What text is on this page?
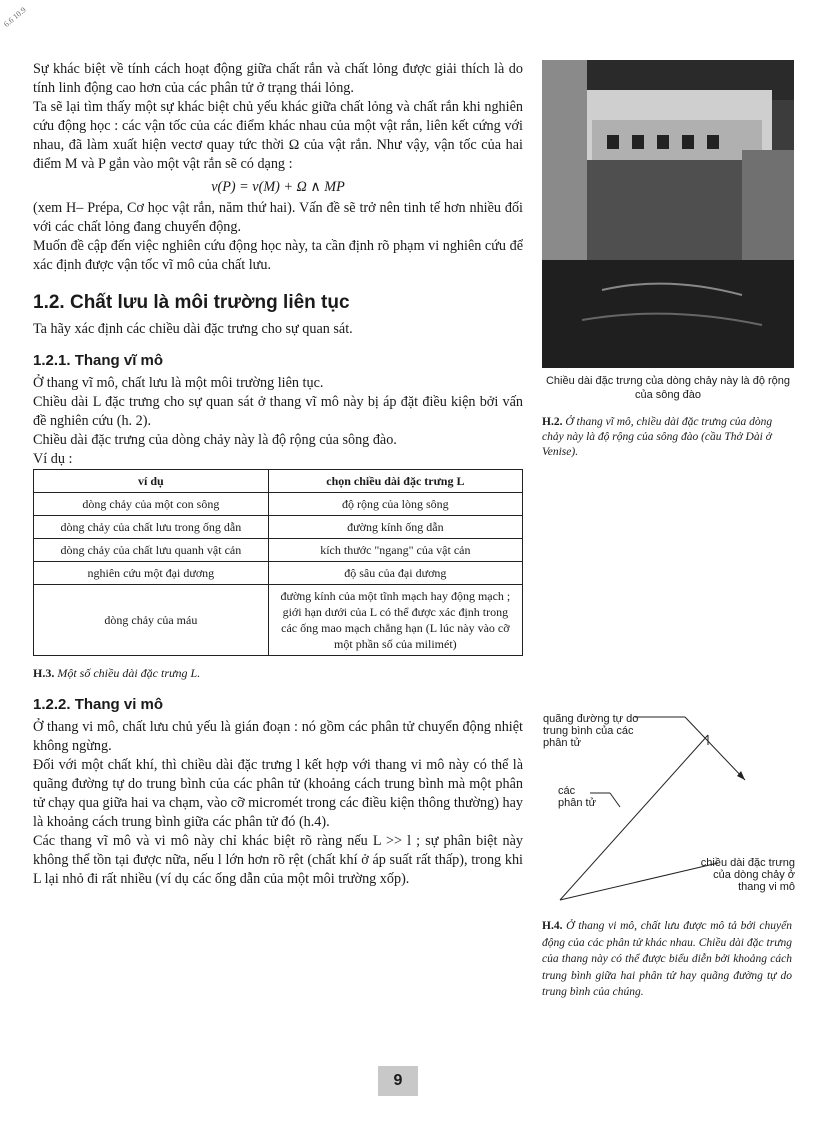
6.6 10.9

Sự khác biệt về tính cách hoạt động giữa chất rắn và chất lỏng được giải thích là do tính linh động cao hơn của các phân tử ở trạng thái lỏng.

Ta sẽ lại tìm thấy một sự khác biệt chủ yếu khác giữa chất lỏng và chất rắn khi nghiên cứu động học : các vận tốc của các điểm khác nhau của một vật rắn, liên kết cứng với nhau, đã làm xuất hiện vectơ quay tức thời Ω của vật rắn. Như vậy, vận tốc của hai điểm M và P gắn vào một vật rắn sẽ có dạng :

v(P) = v(M) + Ω ∧ MP

(xem H– Prépa, Cơ học vật rắn, năm thứ hai). Vấn đề sẽ trở nên tinh tế hơn nhiều đối với các chất lỏng đang chuyển động.

Muốn đề cập đến việc nghiên cứu động học này, ta cần định rõ phạm vi nghiên cứu để xác định được vận tốc vĩ mô của chất lưu.

1.2. Chất lưu là môi trường liên tục

Ta hãy xác định các chiều dài đặc trưng cho sự quan sát.

1.2.1. Thang vĩ mô

Ở thang vĩ mô, chất lưu là một môi trường liên tục.

Chiều dài L đặc trưng cho sự quan sát ở thang vĩ mô này bị áp đặt điều kiện bởi vấn đề nghiên cứu (h. 2).

Chiều dài đặc trưng của dòng chảy này là độ rộng của sông đào.

Ví dụ :

ví dụ	chọn chiều dài đặc trưng L
dòng chảy của một con sông	độ rộng của lòng sông
dòng chảy của chất lưu trong ống dẫn	đường kính ống dẫn
dòng chảy của chất lưu quanh vật cản	kích thước "ngang" của vật cản
nghiên cứu một đại dương	độ sâu của đại dương
dòng chảy của máu	đường kính của một tĩnh mạch hay động mạch ; giới hạn dưới của L có thể được xác định trong các ống mao mạch chẳng hạn (L lúc này vào cỡ một phần số của milimét)
H.3. Một số chiều dài đặc trưng L.
1.2.2. Thang vi mô

Ở thang vi mô, chất lưu chủ yếu là gián đoạn : nó gồm các phân tử chuyển động nhiệt không ngừng.

Đối với một chất khí, thì chiều dài đặc trưng l kết hợp với thang vi mô này có thể là quãng đường tự do trung bình của các phân tử (khoảng cách trung bình mà một phân tử chạy qua giữa hai va chạm, vào cỡ micromét trong các điều kiện thông thường) hay là khoảng cách trung bình giữa các phân tử đó (h.4).

Các thang vĩ mô và vi mô này chỉ khác biệt rõ ràng nếu L >> l ; sự phân biệt này không thể tồn tại được nữa, nếu l lớn hơn rõ rệt (chất khí ở áp suất rất thấp), trong khi L lại nhỏ đi rất nhiều (ví dụ các ống dẫn của một môi trường xốp).

Chiều dài đặc trưng của dòng chảy này là độ rộng của sông đào
H.2. Ở thang vĩ mô, chiều dài đặc trưng của dòng chảy này là độ rộng của sông đào (cầu Thở Dài ở Venise).
quãng đường tự do trung bình của các phân tử
các phân tử
chiều dài đặc trưng của dòng chảy ở thang vi mô
H.4. Ở thang vi mô, chất lưu được mô tả bởi chuyển động của các phân tử khác nhau. Chiều dài đặc trưng của thang này có thể được biểu diễn bởi khoảng cách trung bình giữa hai phân tử hay quãng đường tự do trung bình của chúng.
9
